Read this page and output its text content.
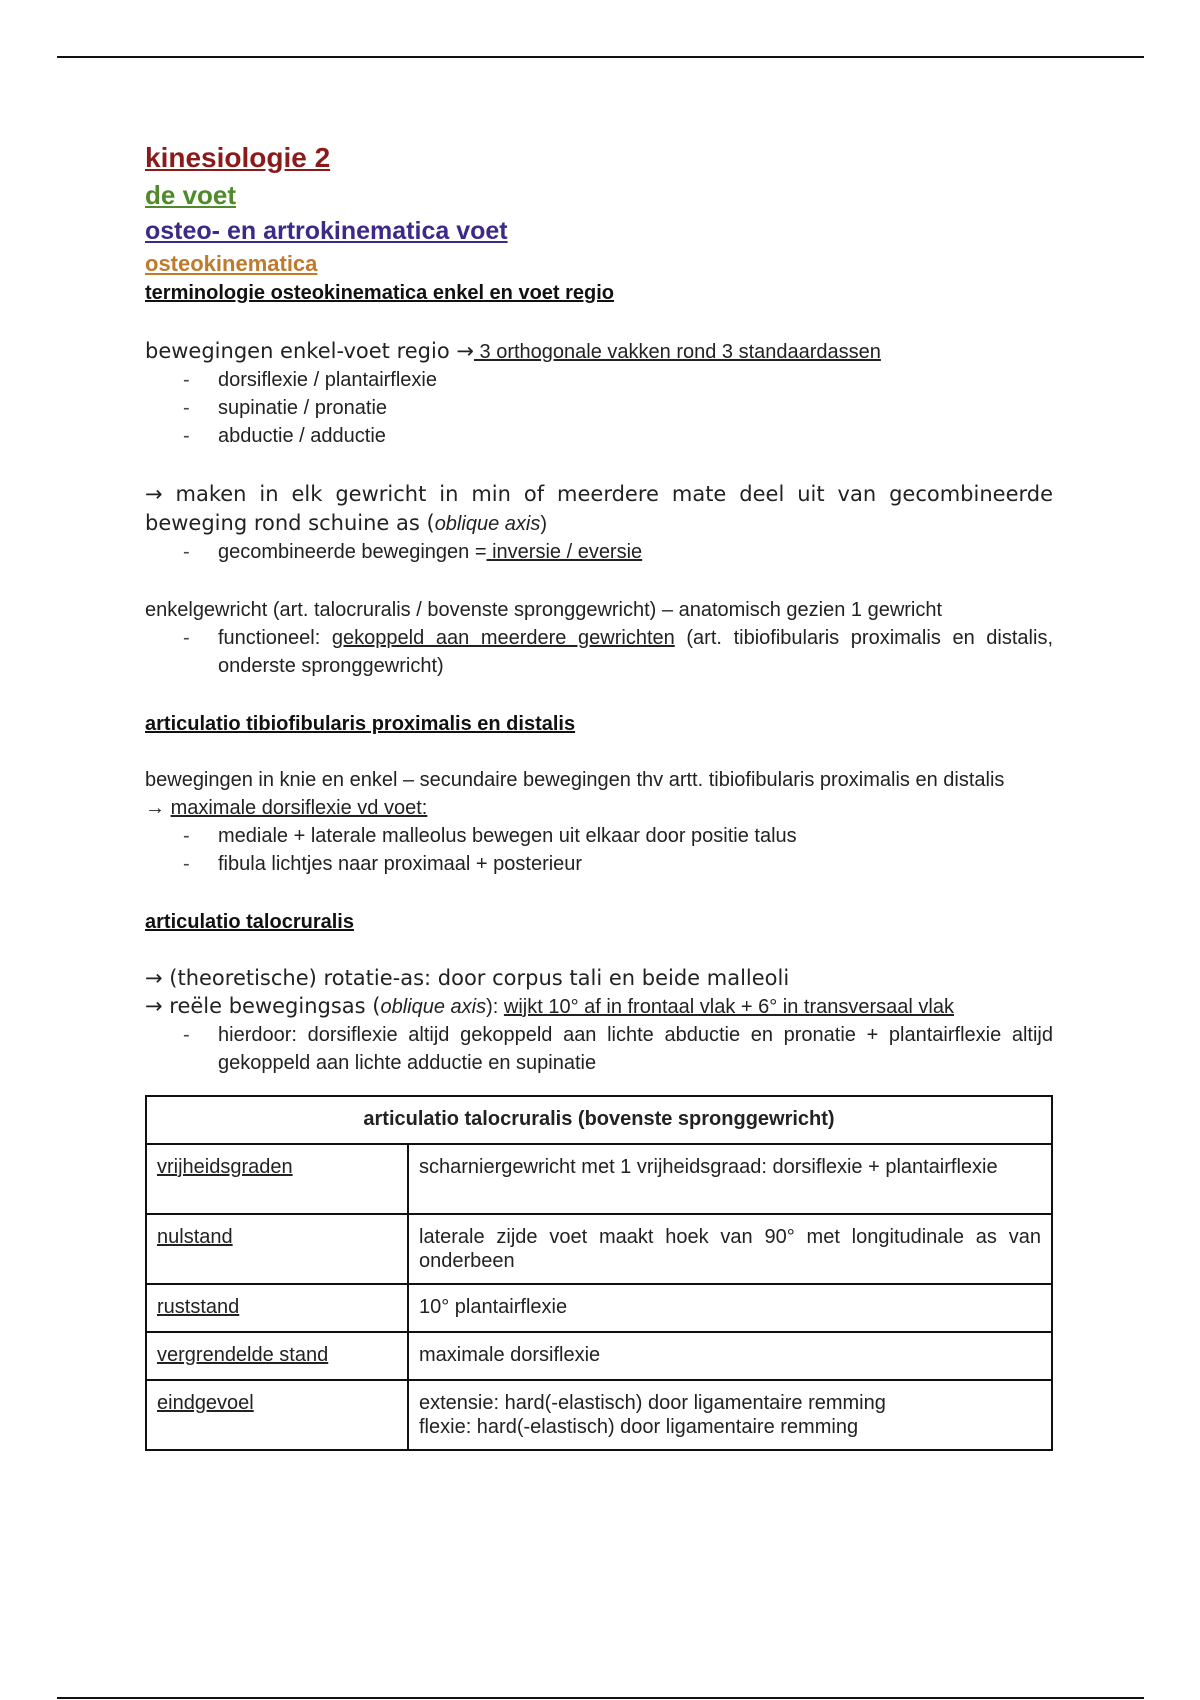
kinesiologie 2
de voet
osteo- en artrokinematica voet
osteokinematica
terminologie osteokinematica enkel en voet regio

bewegingen enkel-voet regio → 3 orthogonale vakken rond 3 standaardassen

- dorsiflexie / plantairflexie
- supinatie / pronatie
- abductie / adductie

→ maken in elk gewricht in min of meerdere mate deel uit van gecombineerde beweging rond schuine as (oblique axis)

- gecombineerde bewegingen = inversie / eversie

enkelgewricht (art. talocruralis / bovenste spronggewricht) – anatomisch gezien 1 gewricht

- functioneel: gekoppeld aan meerdere gewrichten (art. tibiofibularis proximalis en distalis, onderste spronggewricht)

articulatio tibiofibularis proximalis en distalis

bewegingen in knie en enkel – secundaire bewegingen thv artt. tibiofibularis proximalis en distalis

→ maximale dorsiflexie vd voet:

- mediale + laterale malleolus bewegen uit elkaar door positie talus
- fibula lichtjes naar proximaal + posterieur

articulatio talocruralis

→ (theoretische) rotatie-as: door corpus tali en beide malleoli

→ reële bewegingsas (oblique axis): wijkt 10° af in frontaal vlak + 6° in transversaal vlak

- hierdoor: dorsiflexie altijd gekoppeld aan lichte abductie en pronatie + plantairflexie altijd gekoppeld aan lichte adductie en supinatie
articulatio talocruralis (bovenste spronggewricht)	
vrijheidsgraden	scharniergewricht met 1 vrijheidsgraad: dorsiflexie + plantairflexie
nulstand	laterale zijde voet maakt hoek van 90° met longitudinale as van onderbeen
ruststand	10° plantairflexie
vergrendelde stand	maximale dorsiflexie
eindgevoel	extensie: hard(-elastisch) door ligamentaire remming
flexie: hard(-elastisch) door ligamentaire remming
